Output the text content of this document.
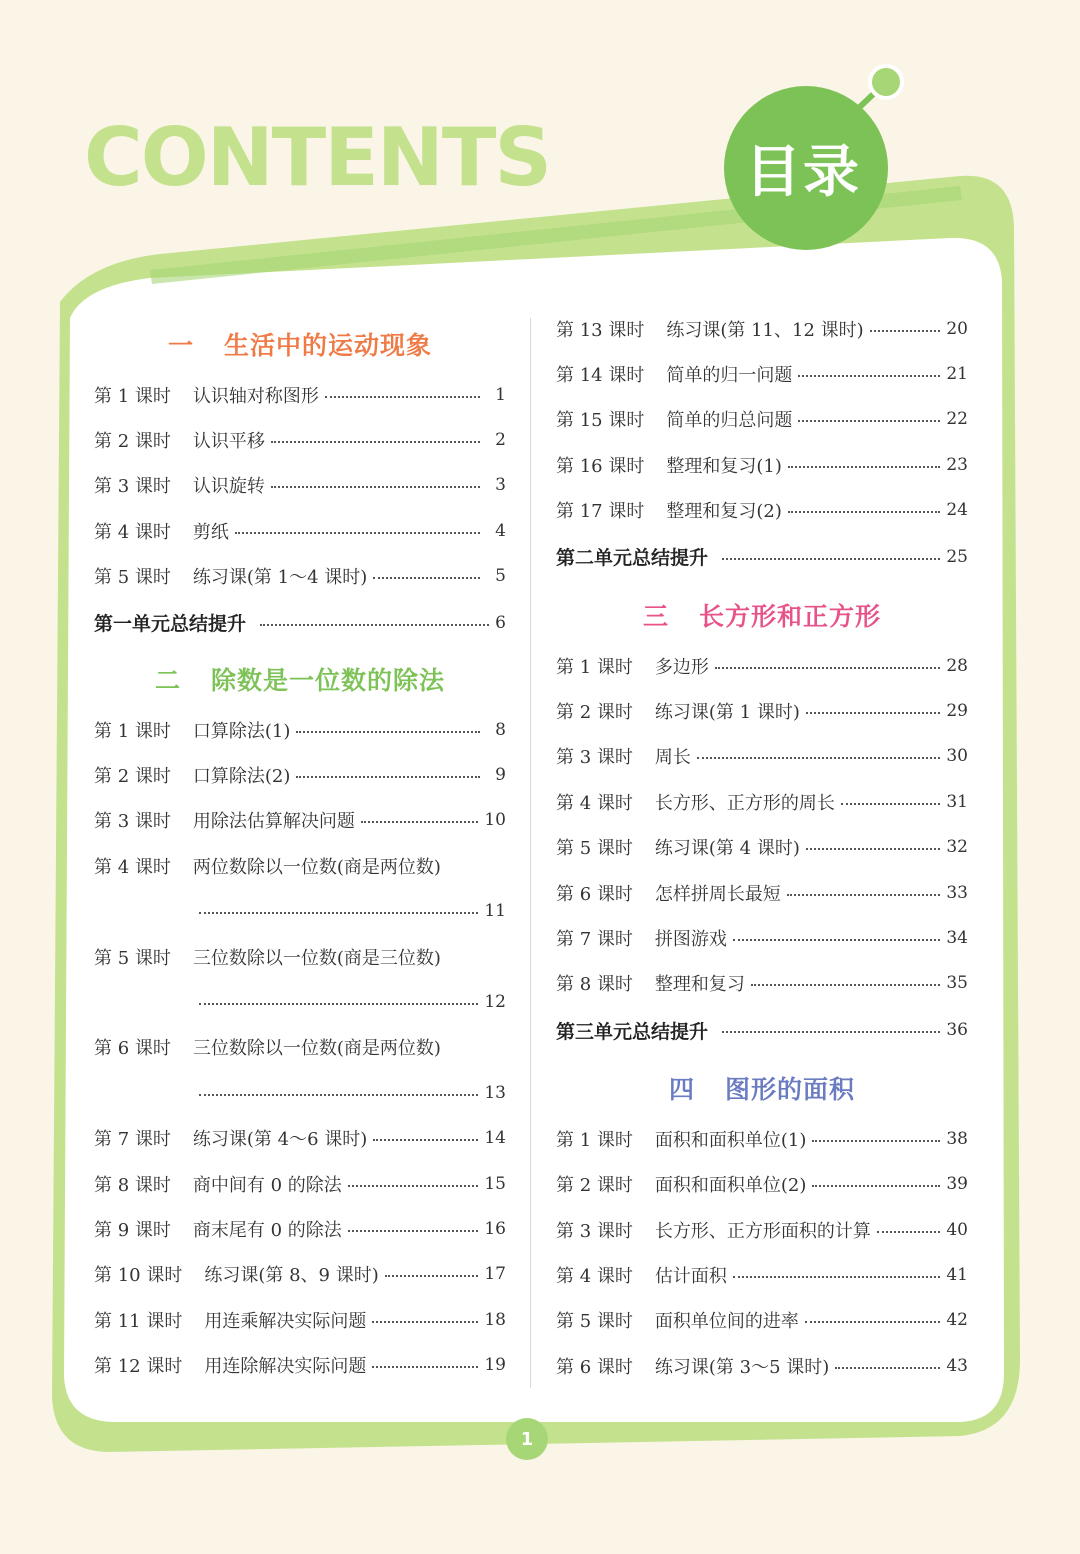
CONTENTS	目录
一 生活中的运动现象
第 1 课时 认识轴对称图形	1
第 2 课时 认识平移	2
第 3 课时 认识旋转	3
第 4 课时 剪纸	4
第 5 课时 练习课(第 1～4 课时)	5
第一单元总结提升	6
二 除数是一位数的除法
第 1 课时 口算除法(1)	8
第 2 课时 口算除法(2)	9
第 3 课时 用除法估算解决问题	10
第 4 课时 两位数除以一位数(商是两位数)
11
第 5 课时 三位数除以一位数(商是三位数)
12
第 6 课时 三位数除以一位数(商是两位数)
13
第 7 课时 练习课(第 4～6 课时)	14
第 8 课时 商中间有 0 的除法	15
第 9 课时 商末尾有 0 的除法	16
第 10 课时 练习课(第 8、9 课时)	17
第 11 课时 用连乘解决实际问题	18
第 12 课时 用连除解决实际问题	19
第 13 课时 练习课(第 11、12 课时)	20
第 14 课时 简单的归一问题	21
第 15 课时 简单的归总问题	22
第 16 课时 整理和复习(1)	23
第 17 课时 整理和复习(2)	24
第二单元总结提升	25
三 长方形和正方形
第 1 课时 多边形	28
第 2 课时 练习课(第 1 课时)	29
第 3 课时 周长	30
第 4 课时 长方形、正方形的周长	31
第 5 课时 练习课(第 4 课时)	32
第 6 课时 怎样拼周长最短	33
第 7 课时 拼图游戏	34
第 8 课时 整理和复习	35
第三单元总结提升	36
四 图形的面积
第 1 课时 面积和面积单位(1)	38
第 2 课时 面积和面积单位(2)	39
第 3 课时 长方形、正方形面积的计算	40
第 4 课时 估计面积	41
第 5 课时 面积单位间的进率	42
第 6 课时 练习课(第 3～5 课时)	43
1
